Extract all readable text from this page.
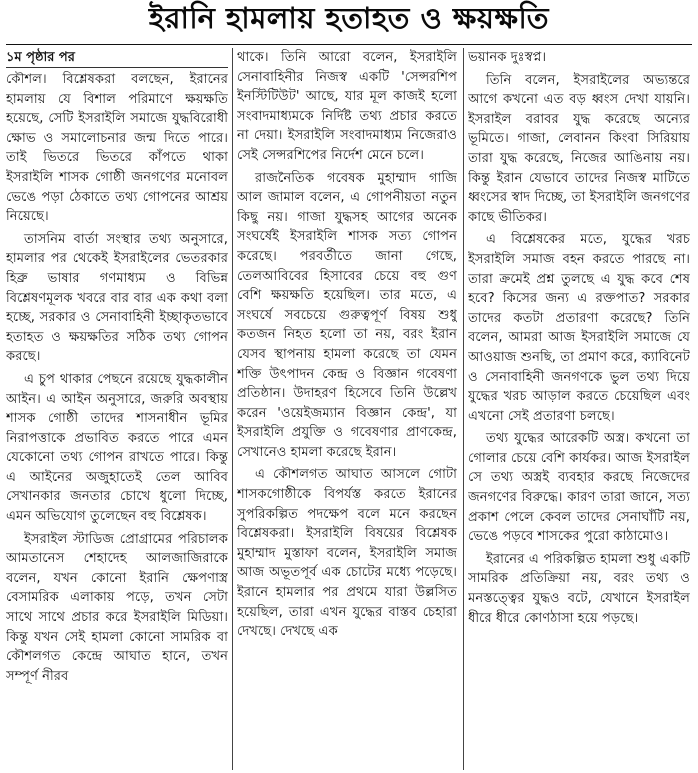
ইরানি হামলায় হতাহত ও ক্ষয়ক্ষতি
১ম পৃষ্ঠার পর
কৌশল। বিশ্লেষকরা বলছেন, ইরানের হামলায় যে বিশাল পরিমাণে ক্ষয়ক্ষতি হয়েছে, সেটি ইসরাইলি সমাজে যুদ্ধবিরোধী ক্ষোভ ও সমালোচনার জন্ম দিতে পারে। তাই ভিতরে ভিতরে কাঁপতে থাকা ইসরাইলি শাসক গোষ্ঠী জনগণের মনোবল ভেঙে পড়া ঠেকাতে তথ্য গোপনের আশ্রয় নিয়েছে।
তাসনিম বার্তা সংস্থার তথ্য অনুসারে, হামলার পর থেকেই ইসরাইলের ভেতরকার হিব্রু ভাষার গণমাধ্যম ও বিভিন্ন বিশ্লেষণমূলক খবরে বার বার এক কথা বলা হচ্ছে, সরকার ও সেনাবাহিনী ইচ্ছাকৃতভাবে হতাহত ও ক্ষয়ক্ষতির সঠিক তথ্য গোপন করছে।
এ চুপ থাকার পেছনে রয়েছে যুদ্ধকালীন আইন। এ আইন অনুসারে, জরুরি অবস্থায় শাসক গোষ্ঠী তাদের শাসনাধীন ভূমির নিরাপত্তাকে প্রভাবিত করতে পারে এমন যেকোনো তথ্য গোপন রাখতে পারে। কিন্তু এ আইনের অজুহাতেই তেল আবিব সেখানকার জনতার চোখে ধুলো দিচ্ছে, এমন অভিযোগ তুলেছেন বহু বিশ্লেষক।
ইসরাইল স্টাডিজ প্রোগ্রামের পরিচালক আমতানেস শেহাদেহ আলজাজিরাকে বলেন, যখন কোনো ইরানি ক্ষেপণাস্ত্র বেসামরিক এলাকায় পড়ে, তখন সেটা সাথে সাথে প্রচার করে ইসরাইলি মিডিয়া। কিন্তু যখন সেই হামলা কোনো সামরিক বা কৌশলগত কেন্দ্রে আঘাত হানে, তখন সম্পূর্ণ নীরব
থাকে। তিনি আরো বলেন, ইসরাইলি সেনাবাহিনীর নিজস্ব একটি 'সেন্সরশিপ ইনস্টিটিউট' আছে, যার মূল কাজই হলো সংবাদমাধ্যমকে নির্দিষ্ট তথ্য প্রচার করতে না দেয়া। ইসরাইলি সংবাদমাধ্যম নিজেরাও সেই সেন্সরশিপের নির্দেশ মেনে চলে।
রাজনৈতিক গবেষক মুহাম্মাদ গাজি আল জামাল বলেন, এ গোপনীয়তা নতুন কিছু নয়। গাজা যুদ্ধসহ আগের অনেক সংঘর্ষেই ইসরাইলি শাসক সত্য গোপন করেছে। পরবর্তীতে জানা গেছে, তেলআবিবের হিসাবের চেয়ে বহু গুণ বেশি ক্ষয়ক্ষতি হয়েছিল। তার মতে, এ সংঘর্ষে সবচেয়ে গুরুত্বপূর্ণ বিষয় শুধু কতজন নিহত হলো তা নয়, বরং ইরান যেসব স্থাপনায় হামলা করেছে তা যেমন শক্তি উৎপাদন কেন্দ্র ও বিজ্ঞান গবেষণা প্রতিষ্ঠান। উদাহরণ হিসেবে তিনি উল্লেখ করেন 'ওয়েইজম্যান বিজ্ঞান কেন্দ্র', যা ইসরাইলি প্রযুক্তি ও গবেষণার প্রাণকেন্দ্র, সেখানেও হামলা করেছে ইরান।
এ কৌশলগত আঘাত আসলে গোটা শাসকগোষ্ঠীকে বিপর্যস্ত করতে ইরানের সুপরিকল্পিত পদক্ষেপ বলে মনে করছেন বিশ্লেষকরা। ইসরাইলি বিষয়ের বিশ্লেষক মুহাম্মাদ মুস্তাফা বলেন, ইসরাইলি সমাজ আজ অভূতপূর্ব এক চোটের মধ্যে পড়েছে। ইরানে হামলার পর প্রথমে যারা উল্লসিত হয়েছিল, তারা এখন যুদ্ধের বাস্তব চেহারা দেখছে। দেখছে এক
ভয়ানক দুঃস্বপ্ন।
তিনি বলেন, ইসরাইলের অভ্যন্তরে আগে কখনো এত বড় ধ্বংস দেখা যায়নি। ইসরাইল বরাবর যুদ্ধ করেছে অন্যের ভূমিতে। গাজা, লেবানন কিংবা সিরিয়ায় তারা যুদ্ধ করেছে, নিজের আঙিনায় নয়। কিন্তু ইরান যেভাবে তাদের নিজস্ব মাটিতে ধ্বংসের স্বাদ দিচ্ছে, তা ইসরাইলি জনগণের কাছে ভীতিকর।
এ বিশ্লেষকের মতে, যুদ্ধের খরচ ইসরাইলি সমাজ বহন করতে পারছে না। তারা ক্রমেই প্রশ্ন তুলছে এ যুদ্ধ কবে শেষ হবে? কিসের জন্য এ রক্তপাত? সরকার তাদের কতটা প্রতারণা করেছে? তিনি বলেন, আমরা আজ ইসরাইলি সমাজে যে আওয়াজ শুনছি, তা প্রমাণ করে, ক্যাবিনেট ও সেনাবাহিনী জনগণকে ভুল তথ্য দিয়ে যুদ্ধের খরচ আড়াল করতে চেয়েছিল এবং এখনো সেই প্রতারণা চলছে।
তথ্য যুদ্ধের আরেকটি অস্ত্র। কখনো তা গোলার চেয়ে বেশি কার্যকর। আজ ইসরাইল সে তথ্য অস্ত্রই ব্যবহার করছে নিজেদের জনগণের বিরুদ্ধে। কারণ তারা জানে, সত্য প্রকাশ পেলে কেবল তাদের সেনাঘাঁটি নয়, ভেঙে পড়বে শাসকের পুরো কাঠামোও।
ইরানের এ পরিকল্পিত হামলা শুধু একটি সামরিক প্রতিক্রিয়া নয়, বরং তথ্য ও মনস্তত্ত্বের যুদ্ধও বটে, যেখানে ইসরাইল ধীরে ধীরে কোণঠাসা হয়ে পড়ছে।
